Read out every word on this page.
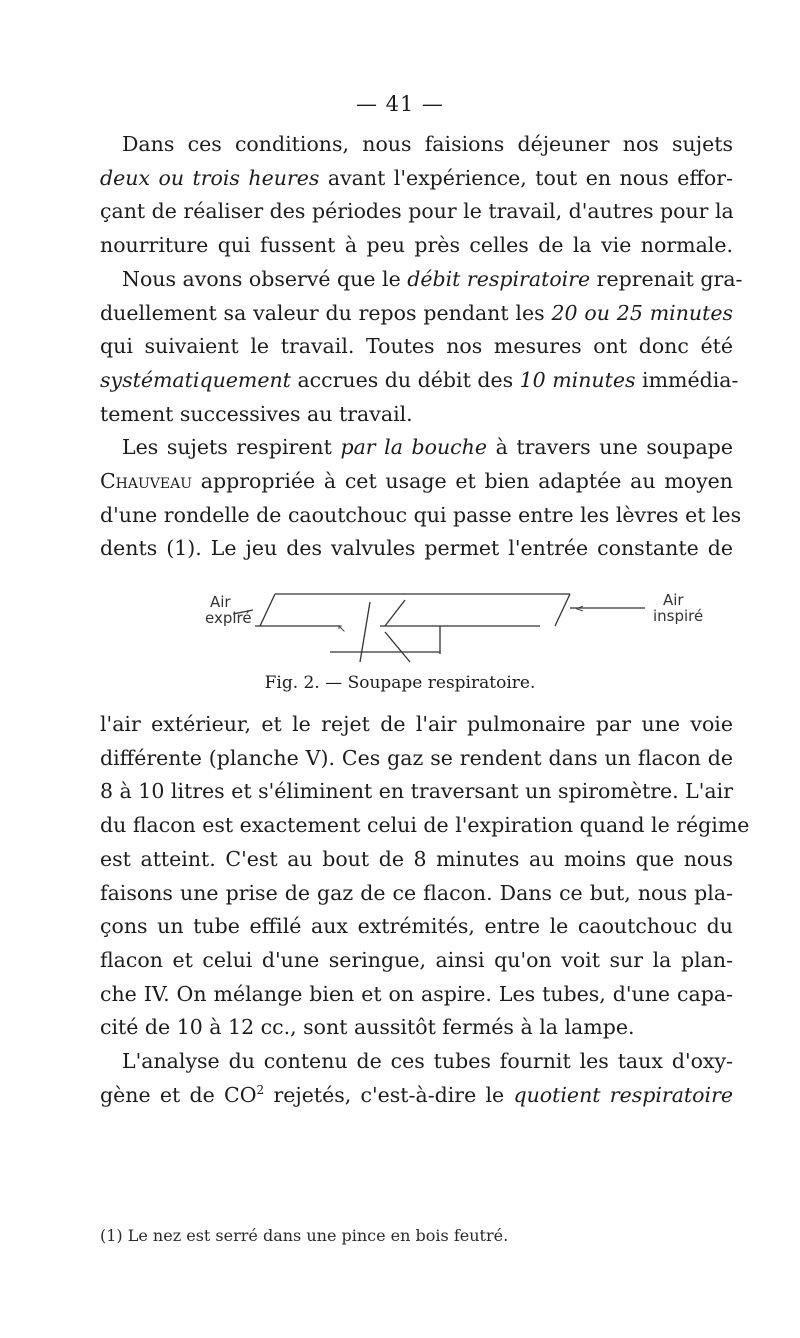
— 41 —
Dans ces conditions, nous faisions déjeuner nos sujets
deux ou trois heures avant l'expérience, tout en nous effor-
çant de réaliser des périodes pour le travail, d'autres pour la
nourriture qui fussent à peu près celles de la vie normale.
Nous avons observé que le débit respiratoire reprenait gra-
duellement sa valeur du repos pendant les 20 ou 25 minutes
qui suivaient le travail. Toutes nos mesures ont donc été
systématiquement accrues du débit des 10 minutes immédia-
tement successives au travail.
Les sujets respirent par la bouche à travers une soupape
Chauveau appropriée à cet usage et bien adaptée au moyen
d'une rondelle de caoutchouc qui passe entre les lèvres et les
dents (1). Le jeu des valvules permet l'entrée constante de
Air
expiré
Air
inspiré
↖
<
Fig. 2. — Soupape respiratoire.
l'air extérieur, et le rejet de l'air pulmonaire par une voie
différente (planche V). Ces gaz se rendent dans un flacon de
8 à 10 litres et s'éliminent en traversant un spiromètre. L'air
du flacon est exactement celui de l'expiration quand le régime
est atteint. C'est au bout de 8 minutes au moins que nous
faisons une prise de gaz de ce flacon. Dans ce but, nous pla-
çons un tube effilé aux extrémités, entre le caoutchouc du
flacon et celui d'une seringue, ainsi qu'on voit sur la plan-
che IV. On mélange bien et on aspire. Les tubes, d'une capa-
cité de 10 à 12 cc., sont aussitôt fermés à la lampe.
L'analyse du contenu de ces tubes fournit les taux d'oxy-
gène et de $CO^2$ rejetés, c'est-à-dire le quotient respiratoire
(1) Le nez est serré dans une pince en bois feutré.
